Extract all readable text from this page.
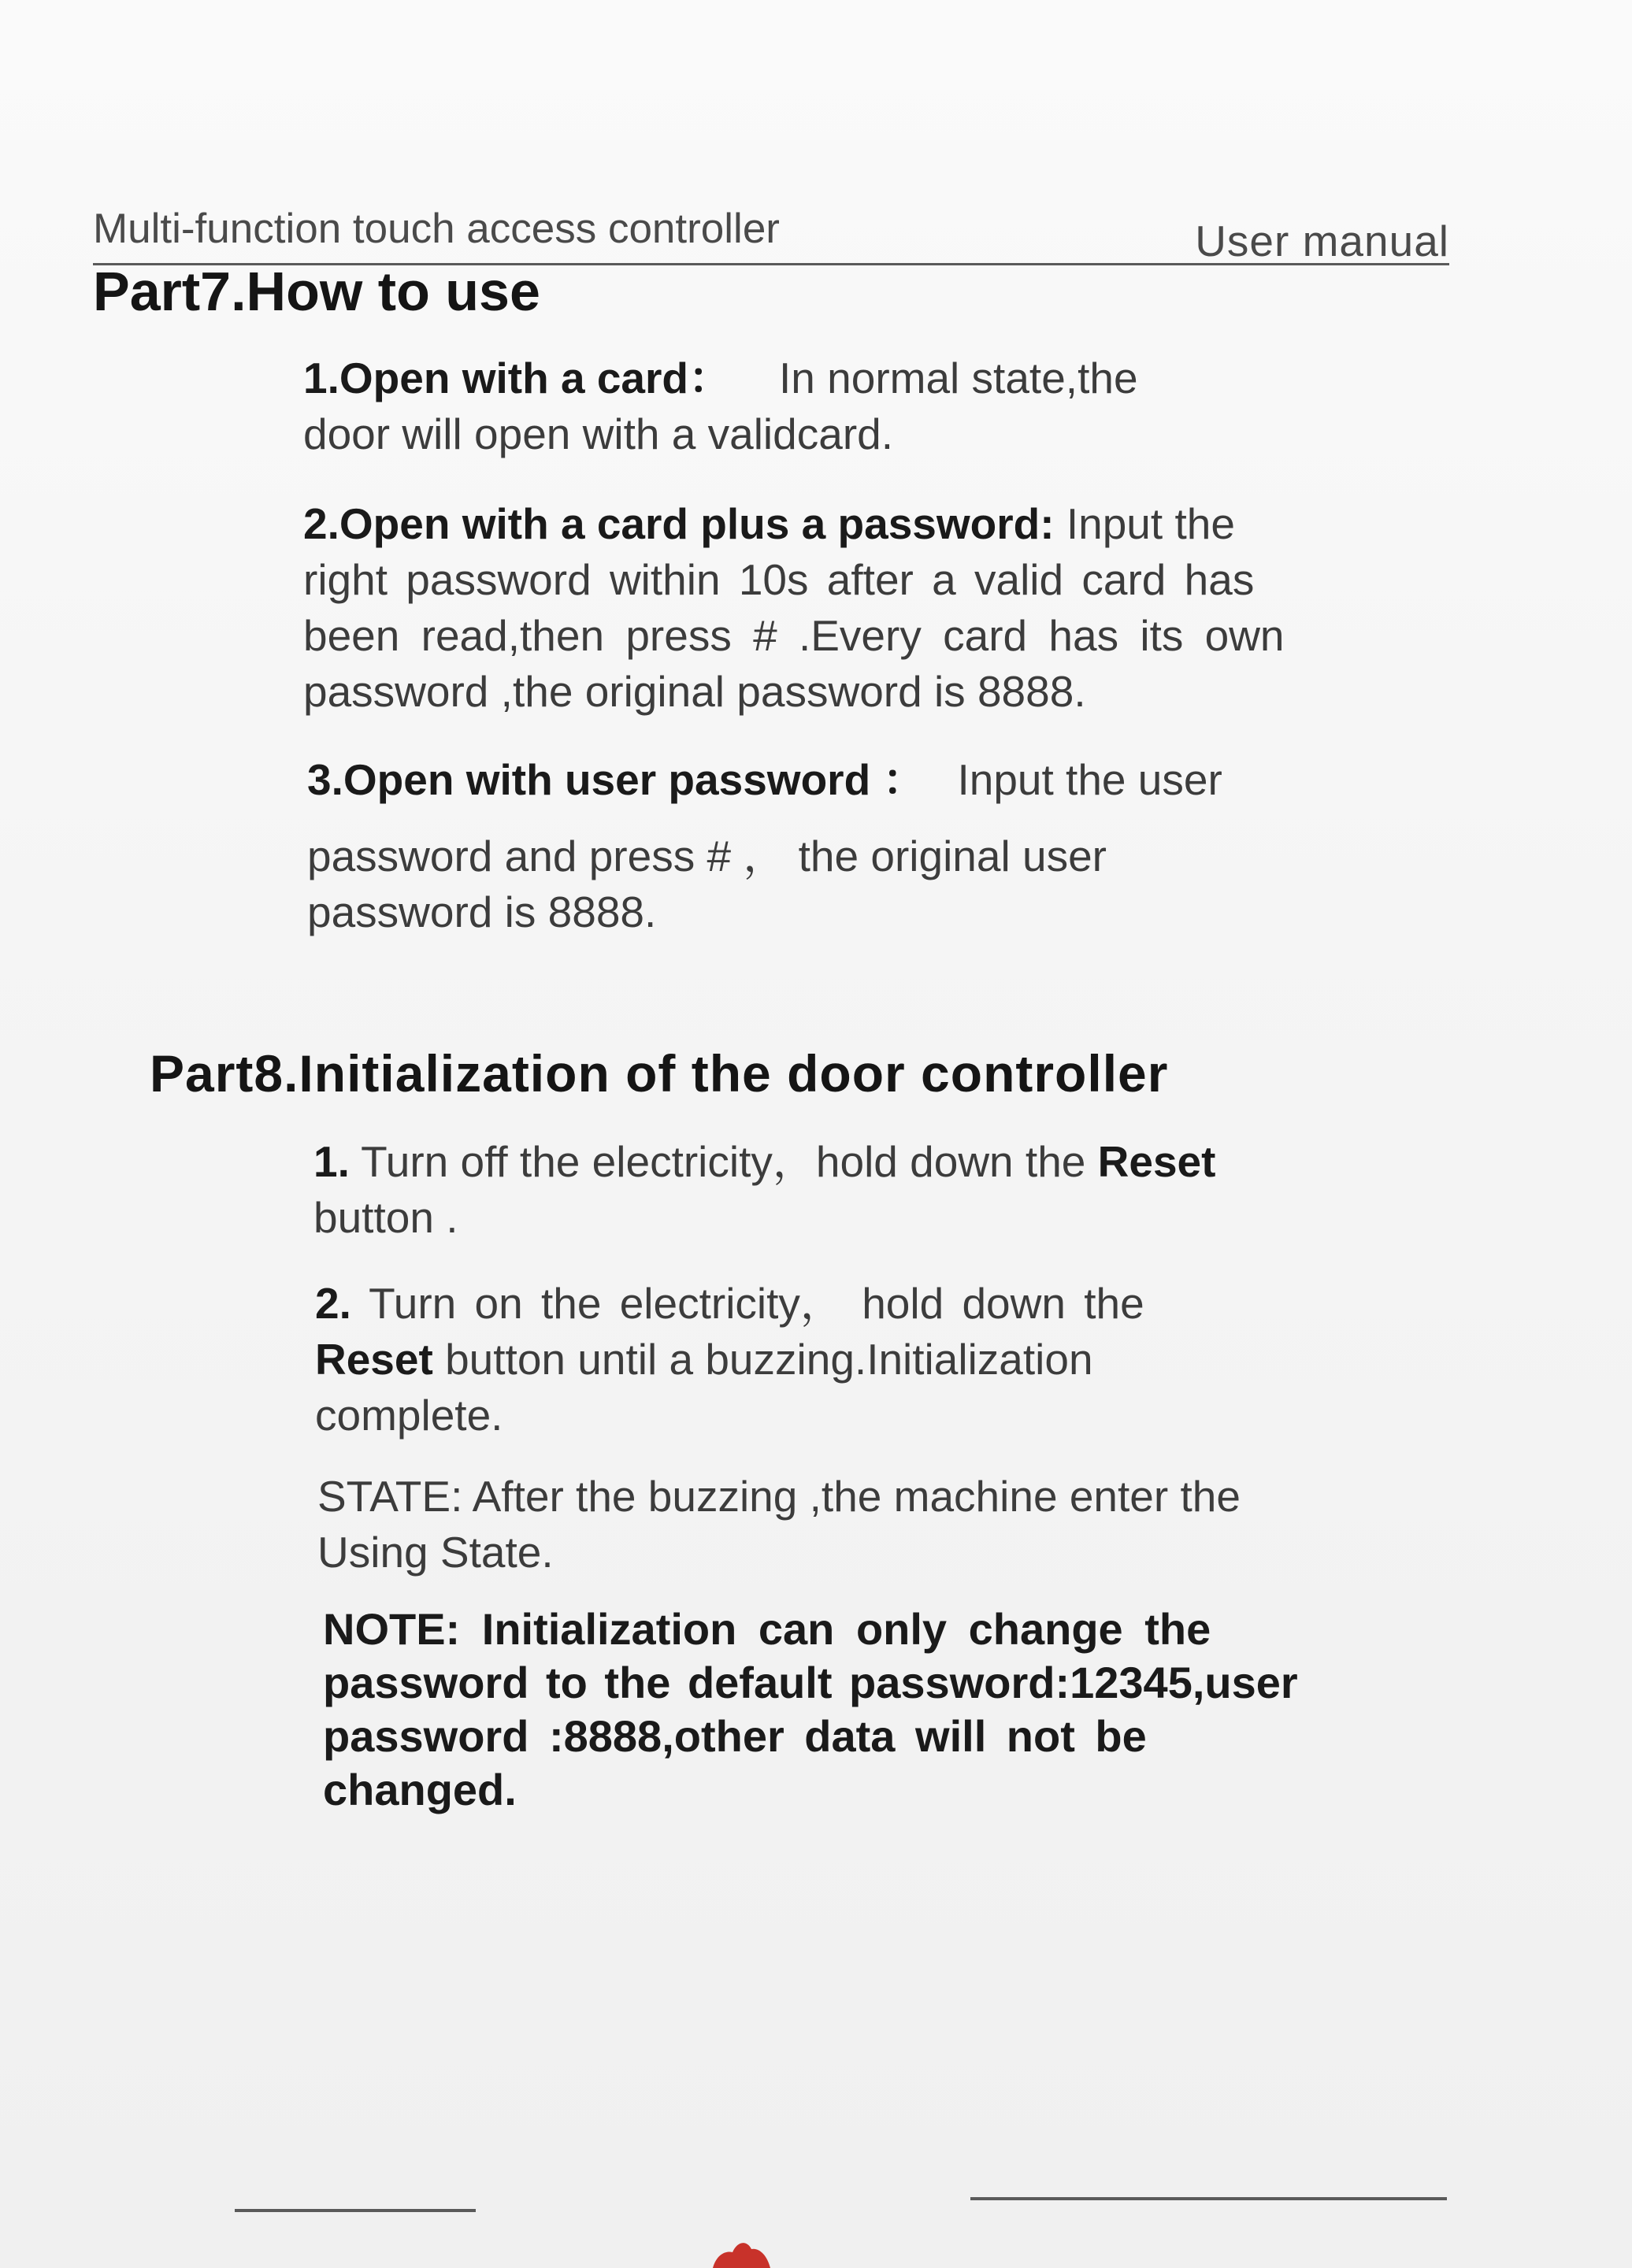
Multi-function touch access controller	User manual
Part7.How to use
1.Open with a card： In normal state,the
door will open with a validcard.
2.Open with a card plus a password: Input the
right password within 10s after a valid card has
been read,then press # .Every card has its own
password ,the original password is 8888.
3.Open with user password ： Input the user
password and press # ， the original user
password is 8888.
Part8.Initialization of the door controller
1. Turn off the electricity，hold down the Reset
button .
2. Turn on the electricity， hold down the
Reset button until a buzzing.Initialization
complete.
STATE: After the buzzing ,the machine enter the
Using State.
NOTE: Initialization can only change the
password to the default password:12345,user
password :8888,other data will not be
changed.
